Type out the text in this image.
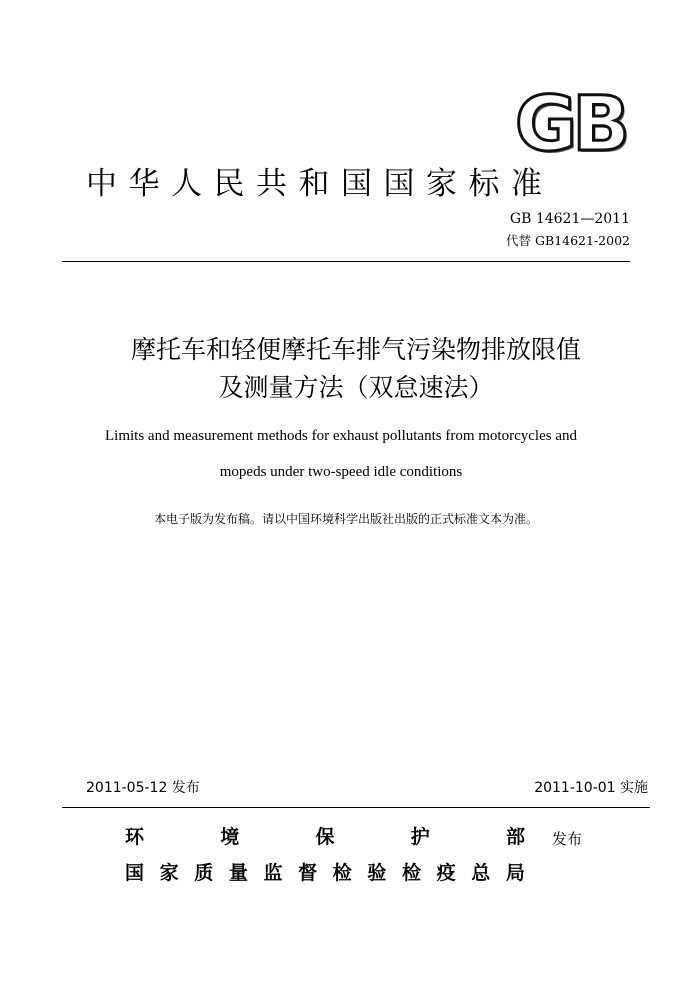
GB
中华人民共和国国家标准
GB 14621—2011
代替 GB14621-2002
摩托车和轻便摩托车排气污染物排放限值
及测量方法（双怠速法）
Limits and measurement methods for exhaust pollutants from motorcycles and
mopeds under two-speed idle conditions
本电子版为发布稿。请以中国环境科学出版社出版的正式标准文本为准。
2011-05-12 发布	2011-10-01 实施
环	境	保	护	部
国 家 质 量 监 督 检 验 检 疫 总 局
发布
